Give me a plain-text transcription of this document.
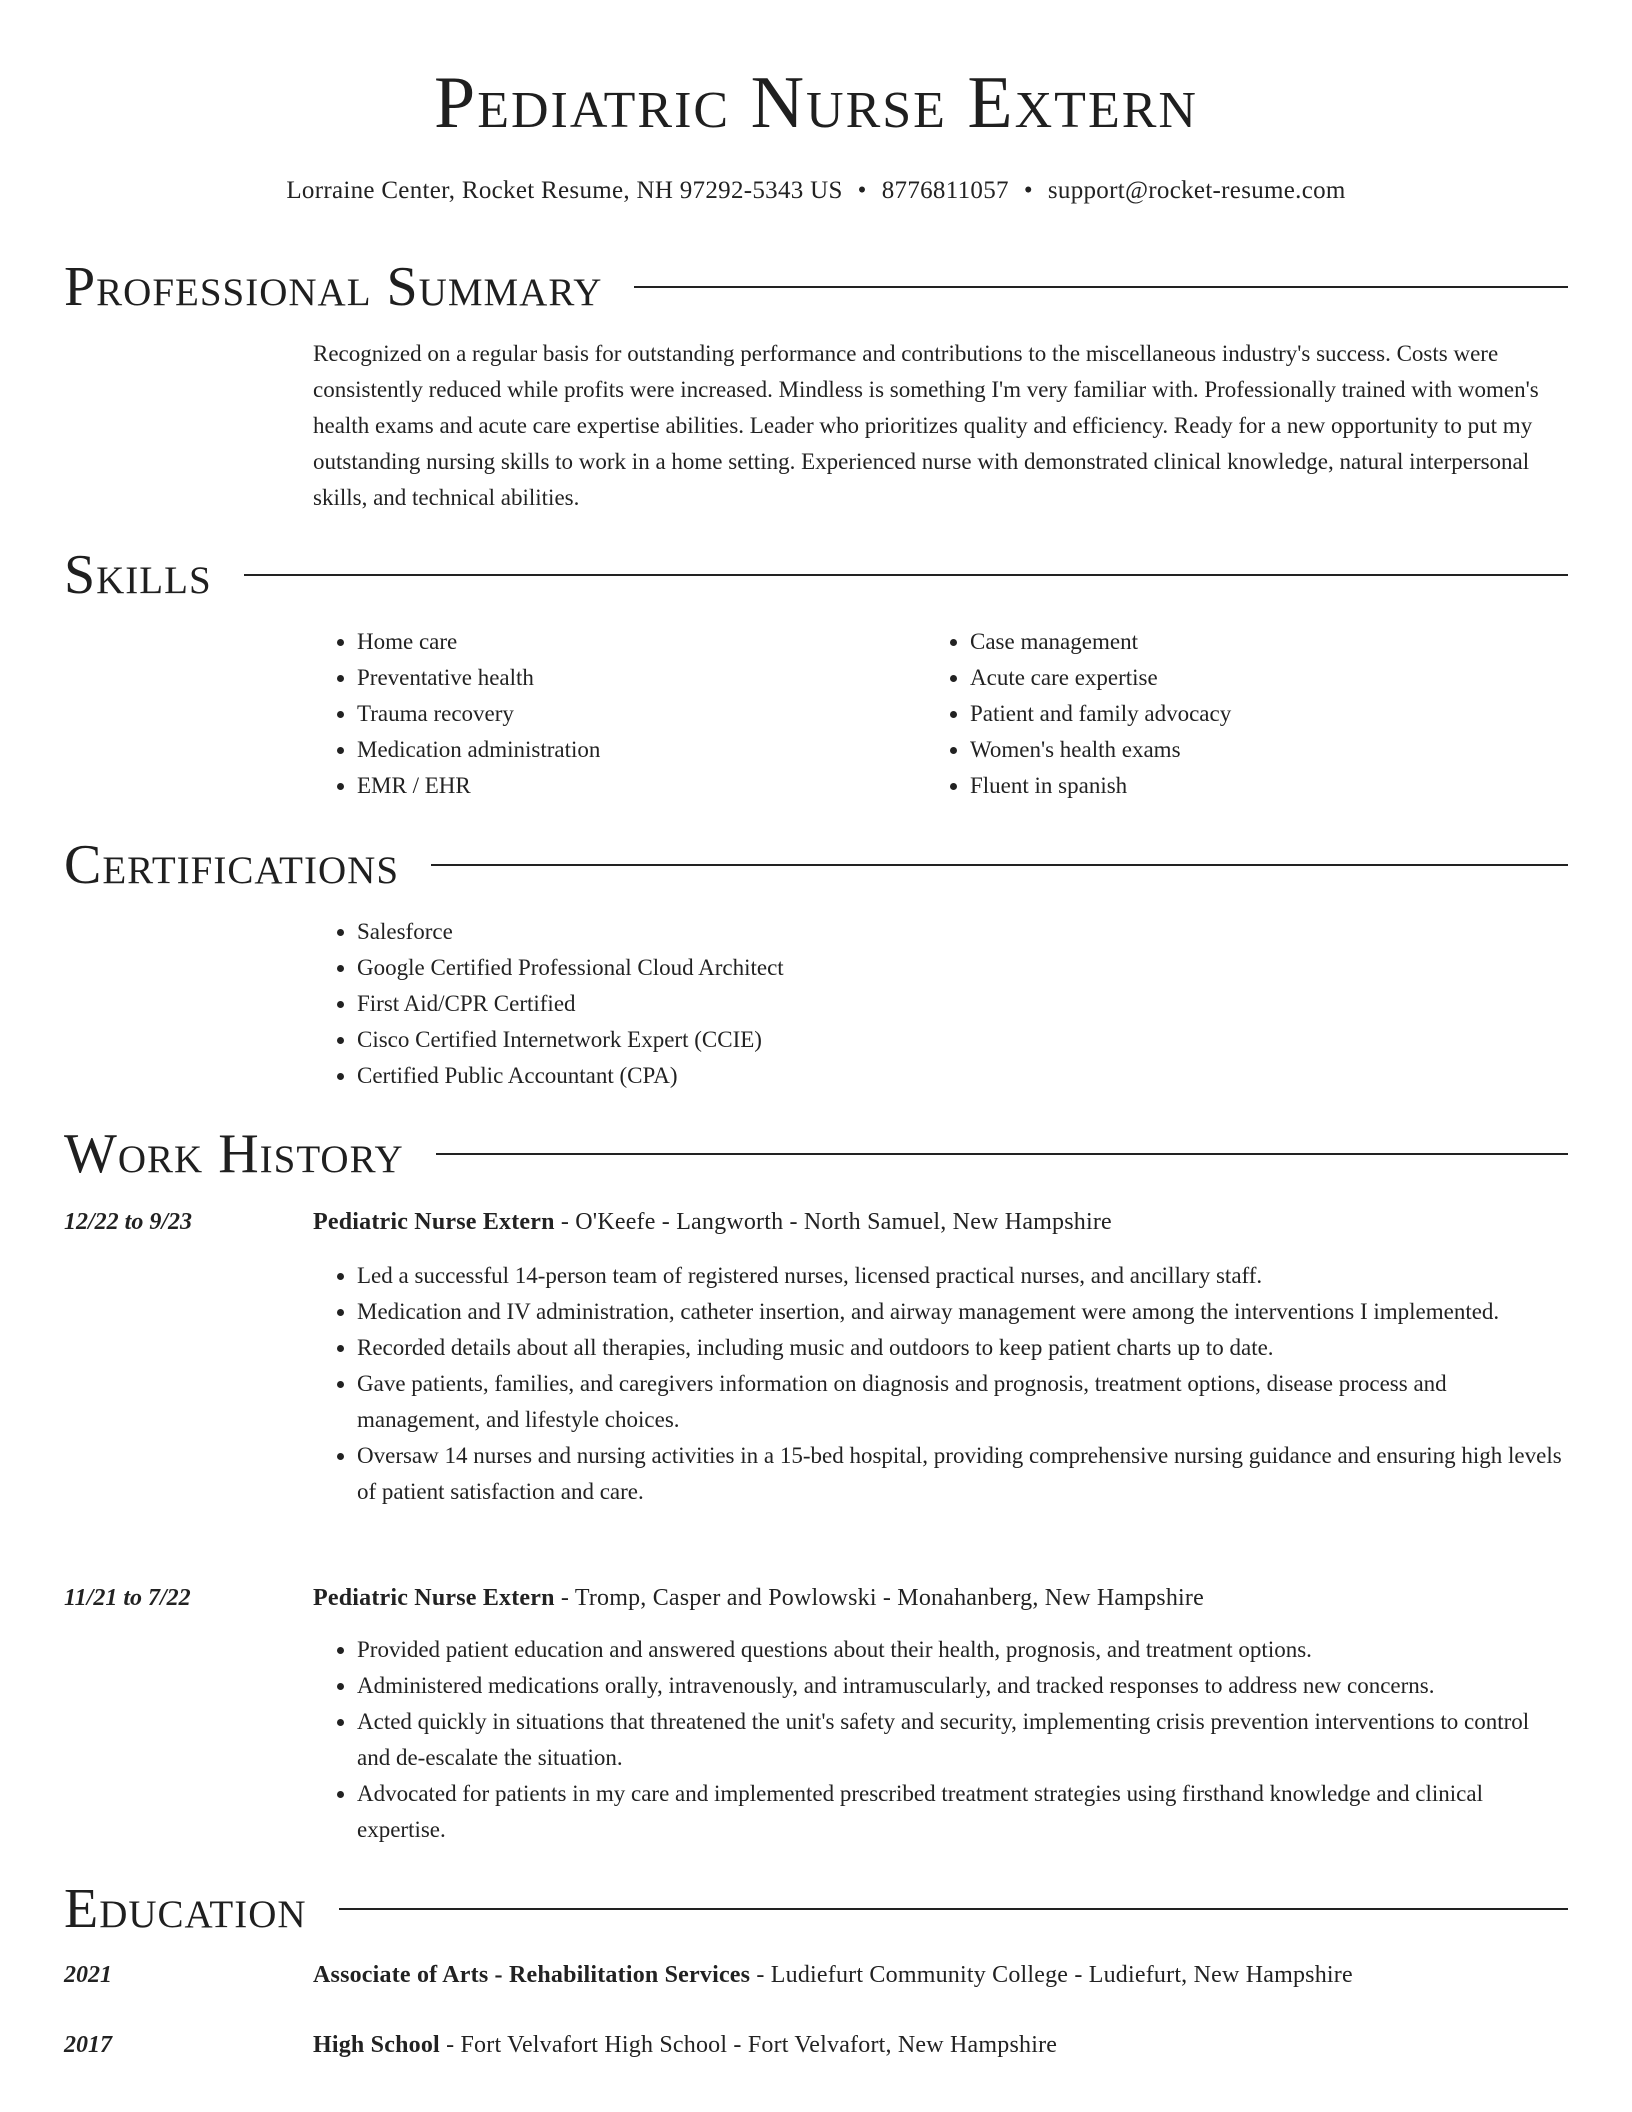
Pediatric Nurse Extern
Lorraine Center, Rocket Resume, NH 97292-5343 US • 8776811057 • support@rocket-resume.com
Professional Summary

Recognized on a regular basis for outstanding performance and contributions to the miscellaneous industry's success. Costs were consistently reduced while profits were increased. Mindless is something I'm very familiar with. Professionally trained with women's health exams and acute care expertise abilities. Leader who prioritizes quality and efficiency. Ready for a new opportunity to put my outstanding nursing skills to work in a home setting. Experienced nurse with demonstrated clinical knowledge, natural interpersonal skills, and technical abilities.

Skills
• Home care
• Preventative health
• Trauma recovery
• Medication administration
• EMR / EHR
• Case management
• Acute care expertise
• Patient and family advocacy
• Women's health exams
• Fluent in spanish
Certifications
• Salesforce
• Google Certified Professional Cloud Architect
• First Aid/CPR Certified
• Cisco Certified Internetwork Expert (CCIE)
• Certified Public Accountant (CPA)
Work History
12/22 to 9/23	Pediatric Nurse Extern - O'Keefe - Langworth - North Samuel, New Hampshire
• Led a successful 14-person team of registered nurses, licensed practical nurses, and ancillary staff.
• Medication and IV administration, catheter insertion, and airway management were among the interventions I implemented.
• Recorded details about all therapies, including music and outdoors to keep patient charts up to date.
• Gave patients, families, and caregivers information on diagnosis and prognosis, treatment options, disease process and management, and lifestyle choices.
• Oversaw 14 nurses and nursing activities in a 15-bed hospital, providing comprehensive nursing guidance and ensuring high levels of patient satisfaction and care.
11/21 to 7/22	Pediatric Nurse Extern - Tromp, Casper and Powlowski - Monahanberg, New Hampshire
• Provided patient education and answered questions about their health, prognosis, and treatment options.
• Administered medications orally, intravenously, and intramuscularly, and tracked responses to address new concerns.
• Acted quickly in situations that threatened the unit's safety and security, implementing crisis prevention interventions to control and de-escalate the situation.
• Advocated for patients in my care and implemented prescribed treatment strategies using firsthand knowledge and clinical expertise.
Education
2021	Associate of Arts - Rehabilitation Services - Ludiefurt Community College - Ludiefurt, New Hampshire
2017	High School - Fort Velvafort High School - Fort Velvafort, New Hampshire
